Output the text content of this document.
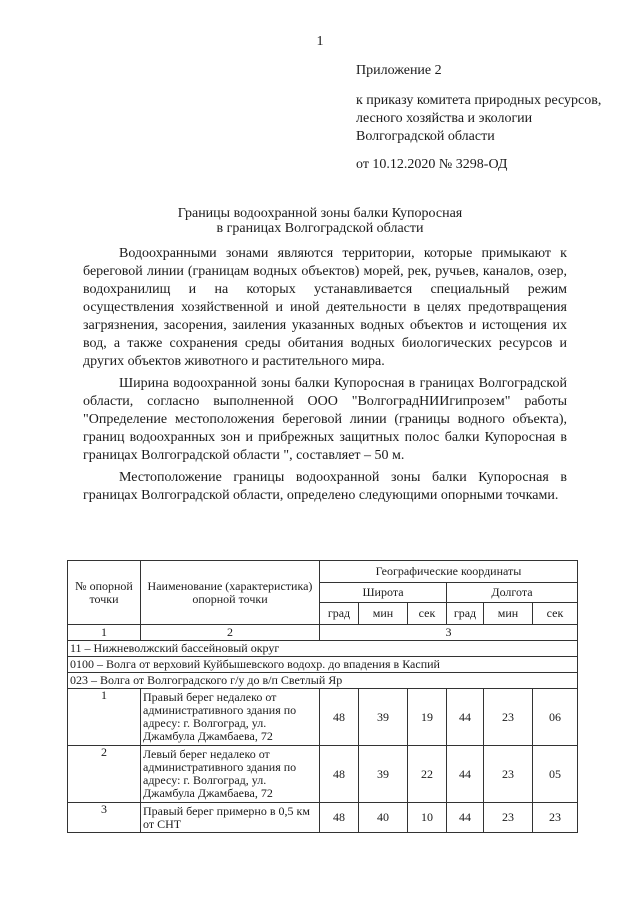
1
Приложение 2
к приказу комитета природных ресурсов, лесного хозяйства и экологии Волгоградской области
от 10.12.2020 № 3298-ОД
Границы водоохранной зоны балки Купоросная
в границах Волгоградской области

Водоохранными зонами являются территории, которые примыкают к береговой линии (границам водных объектов) морей, рек, ручьев, каналов, озер, водохранилищ и на которых устанавливается специальный режим осуществления хозяйственной и иной деятельности в целях предотвращения загрязнения, засорения, заиления указанных водных объектов и истощения их вод, а также сохранения среды обитания водных биологических ресурсов и других объектов животного и растительного мира.

Ширина водоохранной зоны балки Купоросная в границах Волгоградской области, согласно выполненной ООО "ВолгоградНИИгипрозем" работы "Определение местоположения береговой линии (границы водного объекта), границ водоохранных зон и прибрежных защитных полос балки Купоросная в границах Волгоградской области ", составляет – 50 м.

Местоположение границы водоохранной зоны балки Купоросная в границах Волгоградской области, определено следующими опорными точками.

№ опорной точки	Наименование (характеристика) опорной точки	Географические координаты					
		Широта			Долгота		
		град	мин	сек	град	мин	сек
1	2	3					
11 – Нижневолжский бассейновый округ							
0100 – Волга от верховий Куйбышевского водохр. до впадения в Каспий							
023 – Волга от Волгоградского г/у до в/п Светлый Яр							
1	Правый берег недалеко от административного здания по адресу: г. Волгоград, ул. Джамбула Джамбаева, 72	48	39	19	44	23	06
2	Левый берег недалеко от административного здания по адресу: г. Волгоград, ул. Джамбула Джамбаева, 72	48	39	22	44	23	05
3	Правый берег примерно в 0,5 км от СНТ	48	40	10	44	23	23
